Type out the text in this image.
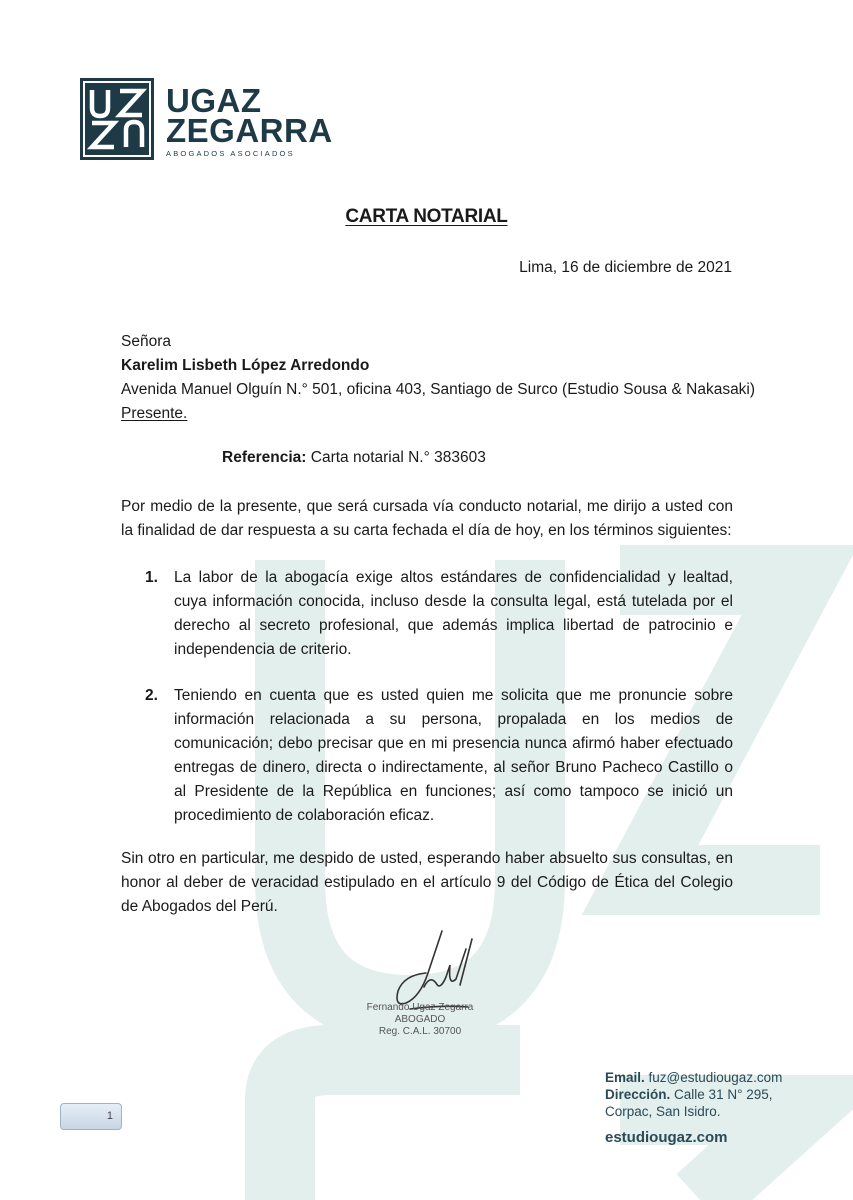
UGAZ
ZEGARRA
ABOGADOS ASOCIADOS
CARTA NOTARIAL
Lima, 16 de diciembre de 2021
Señora
Karelim Lisbeth López Arredondo
Avenida Manuel Olguín N.° 501, oficina 403, Santiago de Surco (Estudio Sousa & Nakasaki)
Presente.
Referencia: Carta notarial N.° 383603
Por medio de la presente, que será cursada vía conducto notarial, me dirijo a usted con la finalidad de dar respuesta a su carta fechada el día de hoy, en los términos siguientes:
1.	La labor de la abogacía exige altos estándares de confidencialidad y lealtad, cuya información conocida, incluso desde la consulta legal, está tutelada por el derecho al secreto profesional, que además implica libertad de patrocinio e independencia de criterio.
2.	Teniendo en cuenta que es usted quien me solicita que me pronuncie sobre información relacionada a su persona, propalada en los medios de comunicación; debo precisar que en mi presencia nunca afirmó haber efectuado entregas de dinero, directa o indirectamente, al señor Bruno Pacheco Castillo o al Presidente de la República en funciones; así como tampoco se inició un procedimiento de colaboración eficaz.
Sin otro en particular, me despido de usted, esperando haber absuelto sus consultas, en honor al deber de veracidad estipulado en el artículo 9 del Código de Ética del Colegio de Abogados del Perú.
Fernando Ugaz Zegarra
ABOGADO
Reg. C.A.L. 30700
Email. fuz@estudiougaz.com
Dirección. Calle 31 N° 295,
Corpac, San Isidro.
estudiougaz.com
1
